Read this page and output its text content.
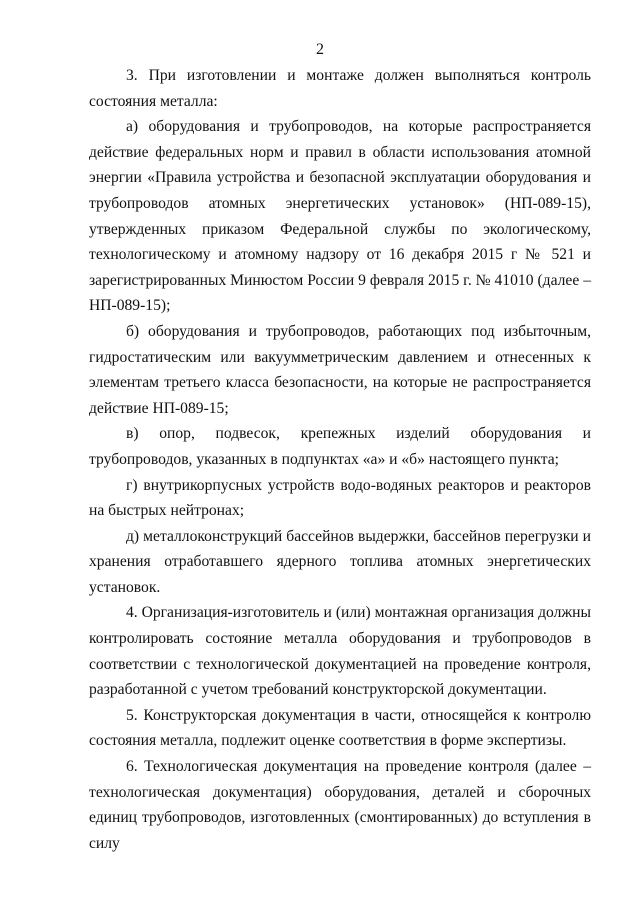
2

3. При изготовлении и монтаже должен выполняться контроль состояния металла:

а) оборудования и трубопроводов, на которые распространяется действие федеральных норм и правил в области использования атомной энергии «Правила устройства и безопасной эксплуатации оборудования и трубопроводов атомных энергетических установок» (НП-089-15), утвержденных приказом Федеральной службы по экологическому, технологическому и атомному надзору от 16 декабря 2015 г № 521 и зарегистрированных Минюстом России 9 февраля 2015 г. № 41010 (далее – НП-089-15);

б) оборудования и трубопроводов, работающих под избыточным, гидростатическим или вакуумметрическим давлением и отнесенных к элементам третьего класса безопасности, на которые не распространяется действие НП-089-15;

в) опор, подвесок, крепежных изделий оборудования и трубопроводов, указанных в подпунктах «а» и «б» настоящего пункта;

г) внутрикорпусных устройств водо-водяных реакторов и реакторов на быстрых нейтронах;

д) металлоконструкций бассейнов выдержки, бассейнов перегрузки и хранения отработавшего ядерного топлива атомных энергетических установок.

4. Организация-изготовитель и (или) монтажная организация должны контролировать состояние металла оборудования и трубопроводов в соответствии с технологической документацией на проведение контроля, разработанной с учетом требований конструкторской документации.

5. Конструкторская документация в части, относящейся к контролю состояния металла, подлежит оценке соответствия в форме экспертизы.

6. Технологическая документация на проведение контроля (далее – технологическая документация) оборудования, деталей и сборочных единиц трубопроводов, изготовленных (смонтированных) до вступления в силу
